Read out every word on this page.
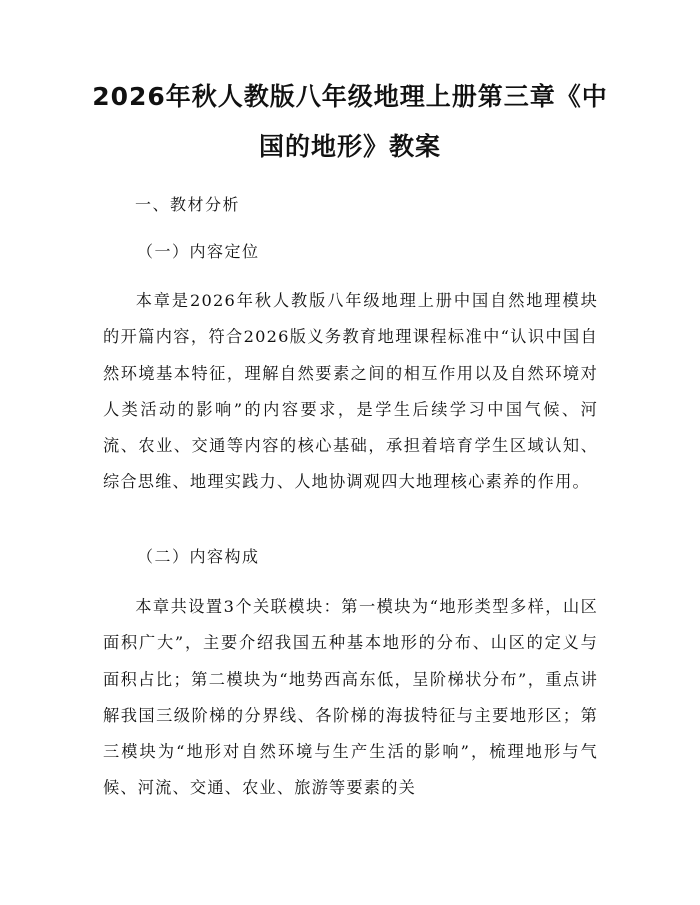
2026年秋人教版八年级地理上册第三章《中国的地形》教案
一、教材分析
（一）内容定位

本章是2026年秋人教版八年级地理上册中国自然地理模块的开篇内容，符合2026版义务教育地理课程标准中“认识中国自然环境基本特征，理解自然要素之间的相互作用以及自然环境对人类活动的影响”的内容要求，是学生后续学习中国气候、河流、农业、交通等内容的核心基础，承担着培育学生区域认知、综合思维、地理实践力、人地协调观四大地理核心素养的作用。

（二）内容构成

本章共设置3个关联模块：第一模块为“地形类型多样，山区面积广大”，主要介绍我国五种基本地形的分布、山区的定义与面积占比；第二模块为“地势西高东低，呈阶梯状分布”，重点讲解我国三级阶梯的分界线、各阶梯的海拔特征与主要地形区；第三模块为“地形对自然环境与生产生活的影响”，梳理地形与气候、河流、交通、农业、旅游等要素的关
